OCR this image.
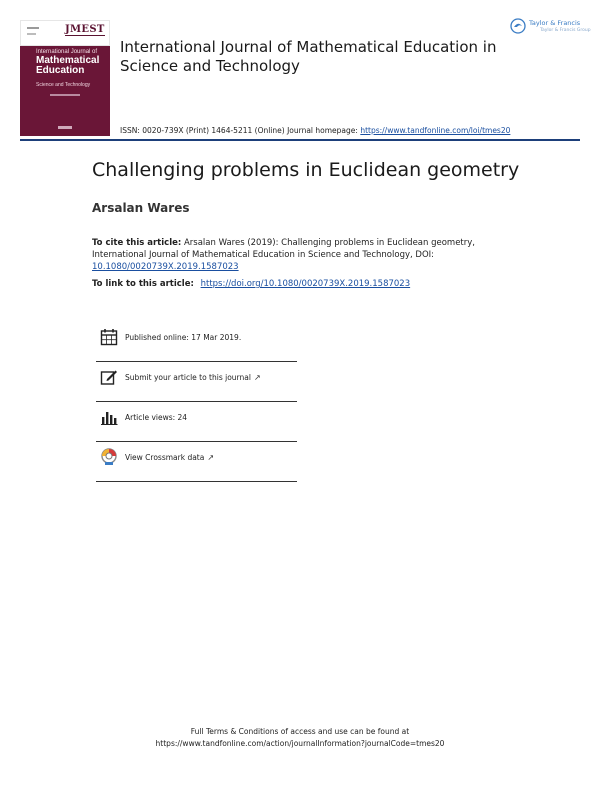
JMEST
International Journal of
Mathematical Education
Science and Technology
International Journal of Mathematical Education in Science and Technology
ISSN: 0020-739X (Print) 1464-5211 (Online) Journal homepage: https://www.tandfonline.com/loi/tmes20
Taylor & Francis
Taylor & Francis Group
Challenging problems in Euclidean geometry
Arsalan Wares
To cite this article: Arsalan Wares (2019): Challenging problems in Euclidean geometry, International Journal of Mathematical Education in Science and Technology, DOI: 10.1080/0020739X.2019.1587023
To link to this article: https://doi.org/10.1080/0020739X.2019.1587023
Published online: 17 Mar 2019.
Submit your article to this journal ↗
Article views: 24
View Crossmark data ↗
Full Terms & Conditions of access and use can be found at
https://www.tandfonline.com/action/journalInformation?journalCode=tmes20
